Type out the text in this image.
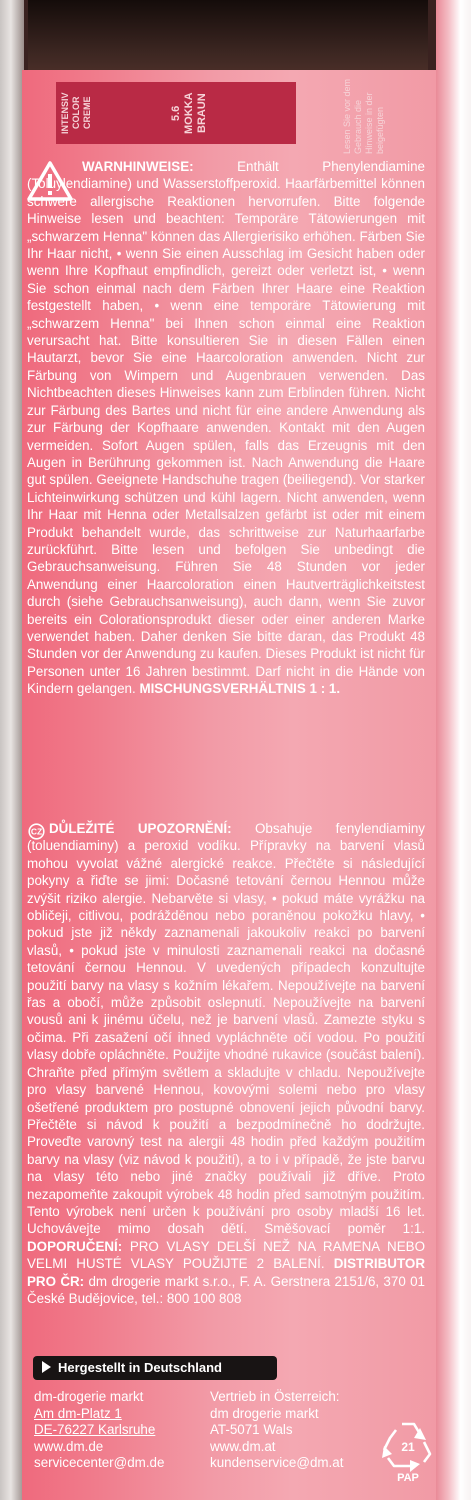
INTENSIV
COLOR
CREME	5.6
MOKKA
BRAUN	Lesen Sie vor dem Gebrauch die Hinweise in der beigefügten
WARNHINWEISE:	Enthält Phenylendiamine (Toluylendiamine) und Wasserstoffperoxid. Haarfärbemittel können schwere allergische Reaktionen hervorrufen. Bitte folgende Hinweise lesen und beachten: Temporäre Tätowierungen mit „schwarzem Henna" können das Allergierisiko erhöhen. Färben Sie Ihr Haar nicht, • wenn Sie einen Ausschlag im Gesicht haben oder wenn Ihre Kopfhaut empfindlich, gereizt oder verletzt ist, • wenn Sie schon einmal nach dem Färben Ihrer Haare eine Reaktion festgestellt haben, • wenn eine temporäre Tätowierung mit „schwarzem Henna" bei Ihnen schon einmal eine Reaktion verursacht hat. Bitte konsultieren Sie in diesen Fällen einen Hautarzt, bevor Sie eine Haarcoloration anwenden. Nicht zur Färbung von Wimpern und Augenbrauen verwenden. Das Nichtbeachten dieses Hinweises kann zum Erblinden führen. Nicht zur Färbung des Bartes und nicht für eine andere Anwendung als zur Färbung der Kopfhaare anwenden. Kontakt mit den Augen vermeiden. Sofort Augen spülen, falls das Erzeugnis mit den Augen in Berührung gekommen ist. Nach Anwendung die Haare gut spülen. Geeignete Handschuhe tragen (beiliegend). Vor starker Lichteinwirkung schützen und kühl lagern. Nicht anwenden, wenn Ihr Haar mit Henna oder Metallsalzen gefärbt ist oder mit einem Produkt behandelt wurde, das schrittweise zur Naturhaarfarbe zurückführt. Bitte lesen und befolgen Sie unbedingt die Gebrauchsanweisung. Führen Sie 48 Stunden vor jeder Anwendung einer Haarcoloration einen Hautverträglichkeitstest durch (siehe Gebrauchsanweisung), auch dann, wenn Sie zuvor bereits ein Colorationsprodukt dieser oder einer anderen Marke verwendet haben. Daher denken Sie bitte daran, das Produkt 48 Stunden vor der Anwendung zu kaufen. Dieses Produkt ist nicht für Personen unter 16 Jahren bestimmt. Darf nicht in die Hände von Kindern gelangen. MISCHUNGSVERHÄLTNIS 1 : 1.
CZ DŮLEŽITÉ UPOZORNĚNÍ: Obsahuje fenylendiaminy (toluendiaminy) a peroxid vodíku. Přípravky na barvení vlasů mohou vyvolat vážné alergické reakce. Přečtěte si následující pokyny a řiďte se jimi: Dočasné tetování černou Hennou může zvýšit riziko alergie. Nebarvěte si vlasy, • pokud máte vyrážku na obličeji, citlivou, podrážděnou nebo poraněnou pokožku hlavy, • pokud jste již někdy zaznamenali jakoukoliv reakci po barvení vlasů, • pokud jste v minulosti zaznamenali reakci na dočasné tetování černou Hennou. V uvedených případech konzultujte použití barvy na vlasy s kožním lékařem. Nepoužívejte na barvení řas a obočí, může způsobit oslepnutí. Nepoužívejte na barvení vousů ani k jinému účelu, než je barvení vlasů. Zamezte styku s očima. Při zasažení očí ihned vypláchněte očí vodou. Po použití vlasy dobře opláchněte. Použijte vhodné rukavice (součást balení). Chraňte před přímým světlem a skladujte v chladu. Nepoužívejte pro vlasy barvené Hennou, kovovými solemi nebo pro vlasy ošetřené produktem pro postupné obnovení jejich původní barvy. Přečtěte si návod k použití a bezpodmínečně ho dodržujte. Proveďte varovný test na alergii 48 hodin před každým použitím barvy na vlasy (viz návod k použití), a to i v případě, že jste barvu na vlasy této nebo jiné značky používali již dříve. Proto nezapomeňte zakoupit výrobek 48 hodin před samotným použitím. Tento výrobek není určen k používání pro osoby mladší 16 let. Uchovávejte mimo dosah dětí. Směšovací poměr 1:1. DOPORUČENÍ: PRO VLASY DELŠÍ NEŽ NA RAMENA NEBO VELMI HUSTÉ VLASY POUŽIJTE 2 BALENÍ. DISTRIBUTOR PRO ČR: dm drogerie markt s.r.o., F. A. Gerstnera 2151/6, 370 01 České Budějovice, tel.: 800 100 808
Hergestellt in Deutschland
dm-drogerie markt
Am dm-Platz 1
DE-76227 Karlsruhe
www.dm.de
servicecenter@dm.de
Vertrieb in Österreich:
dm drogerie markt
AT-5071 Wals
www.dm.at
kundenservice@dm.at
21
PAP
